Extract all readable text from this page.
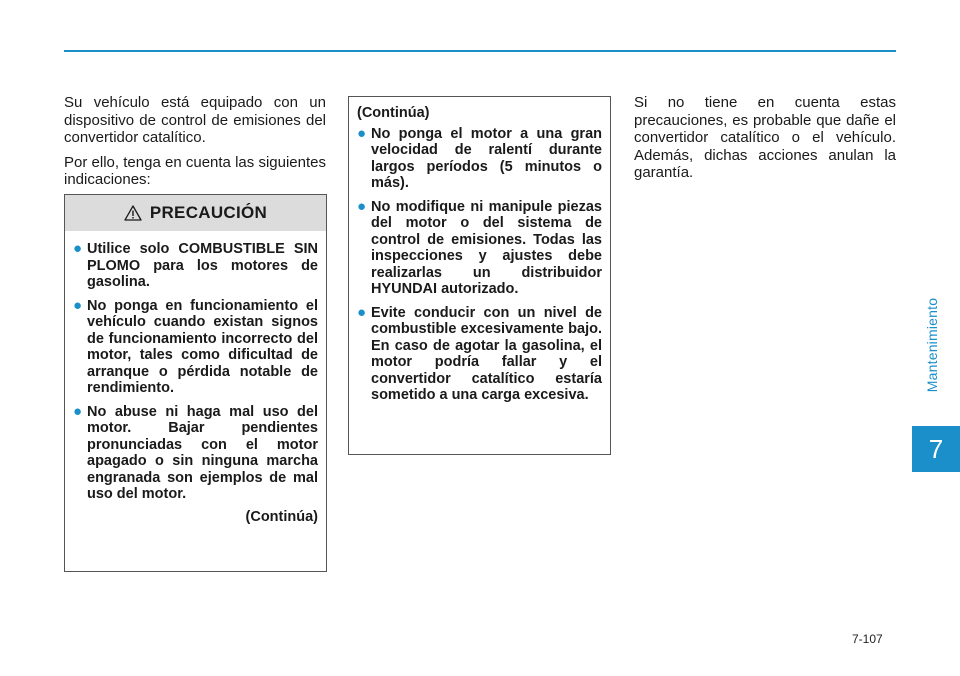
Mantenimiento
7

Su vehículo está equipado con un dispositivo de control de emisiones del convertidor catalítico.

Por ello, tenga en cuenta las siguientes indicaciones:

PRECAUCIÓN
● Utilice solo COMBUSTIBLE SIN PLOMO para los motores de gasolina.
● No ponga en funcionamiento el vehículo cuando existan signos de funcionamiento incorrecto del motor, tales como dificultad de arranque o pérdida notable de rendimiento.
● No abuse ni haga mal uso del motor. Bajar pendientes pronunciadas con el motor apagado o sin ninguna marcha engranada son ejemplos de mal uso del motor.
(Continúa)
(Continúa)
● No ponga el motor a una gran velocidad de ralentí durante largos períodos (5 minutos o más).
● No modifique ni manipule piezas del motor o del sistema de control de emisiones. Todas las inspecciones y ajustes debe realizarlas un distribuidor HYUNDAI autorizado.
● Evite conducir con un nivel de combustible excesivamente bajo. En caso de agotar la gasolina, el motor podría fallar y el convertidor catalítico estaría sometido a una carga excesiva.

Si no tiene en cuenta estas precauciones, es probable que dañe el convertidor catalítico o el vehículo. Además, dichas acciones anulan la garantía.

7-107
